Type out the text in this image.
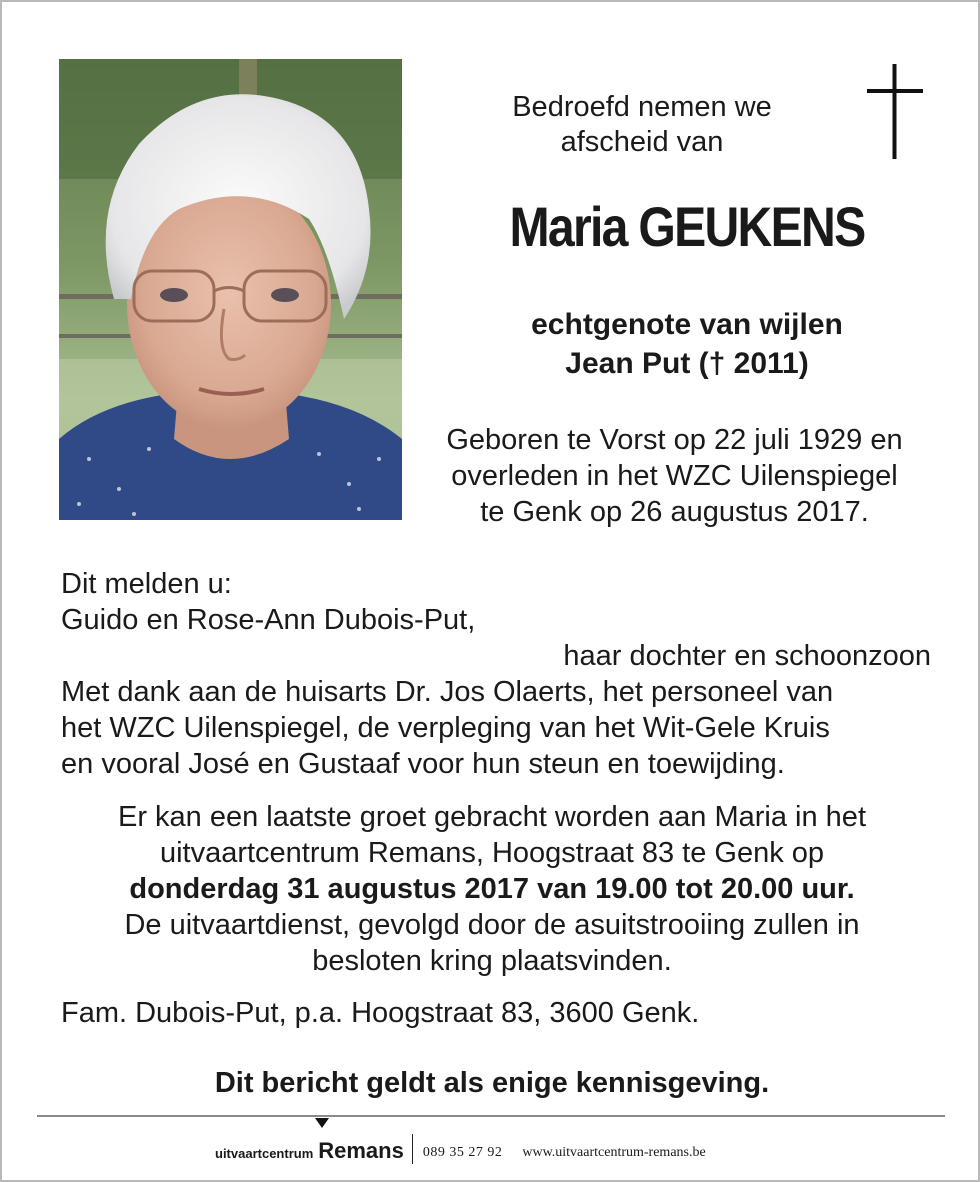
Bedroefd nemen we
afscheid van
Maria GEUKENS
echtgenote van wijlen
Jean Put († 2011)
Geboren te Vorst op 22 juli 1929 en
overleden in het WZC Uilenspiegel
te Genk op 26 augustus 2017.
Dit melden u:
Guido en Rose-Ann Dubois-Put,
haar dochter en schoonzoon
Met dank aan de huisarts Dr. Jos Olaerts, het personeel van
het WZC Uilenspiegel, de verpleging van het Wit-Gele Kruis
en vooral José en Gustaaf voor hun steun en toewijding.
Er kan een laatste groet gebracht worden aan Maria in het
uitvaartcentrum Remans, Hoogstraat 83 te Genk op
donderdag 31 augustus 2017 van 19.00 tot 20.00 uur.
De uitvaartdienst, gevolgd door de asuitstrooiing zullen in
besloten kring plaatsvinden.
Fam. Dubois-Put, p.a. Hoogstraat 83, 3600 Genk.
Dit bericht geldt als enige kennisgeving.
uitvaartcentrum Remans 089 35 27 92 www.uitvaartcentrum-remans.be
